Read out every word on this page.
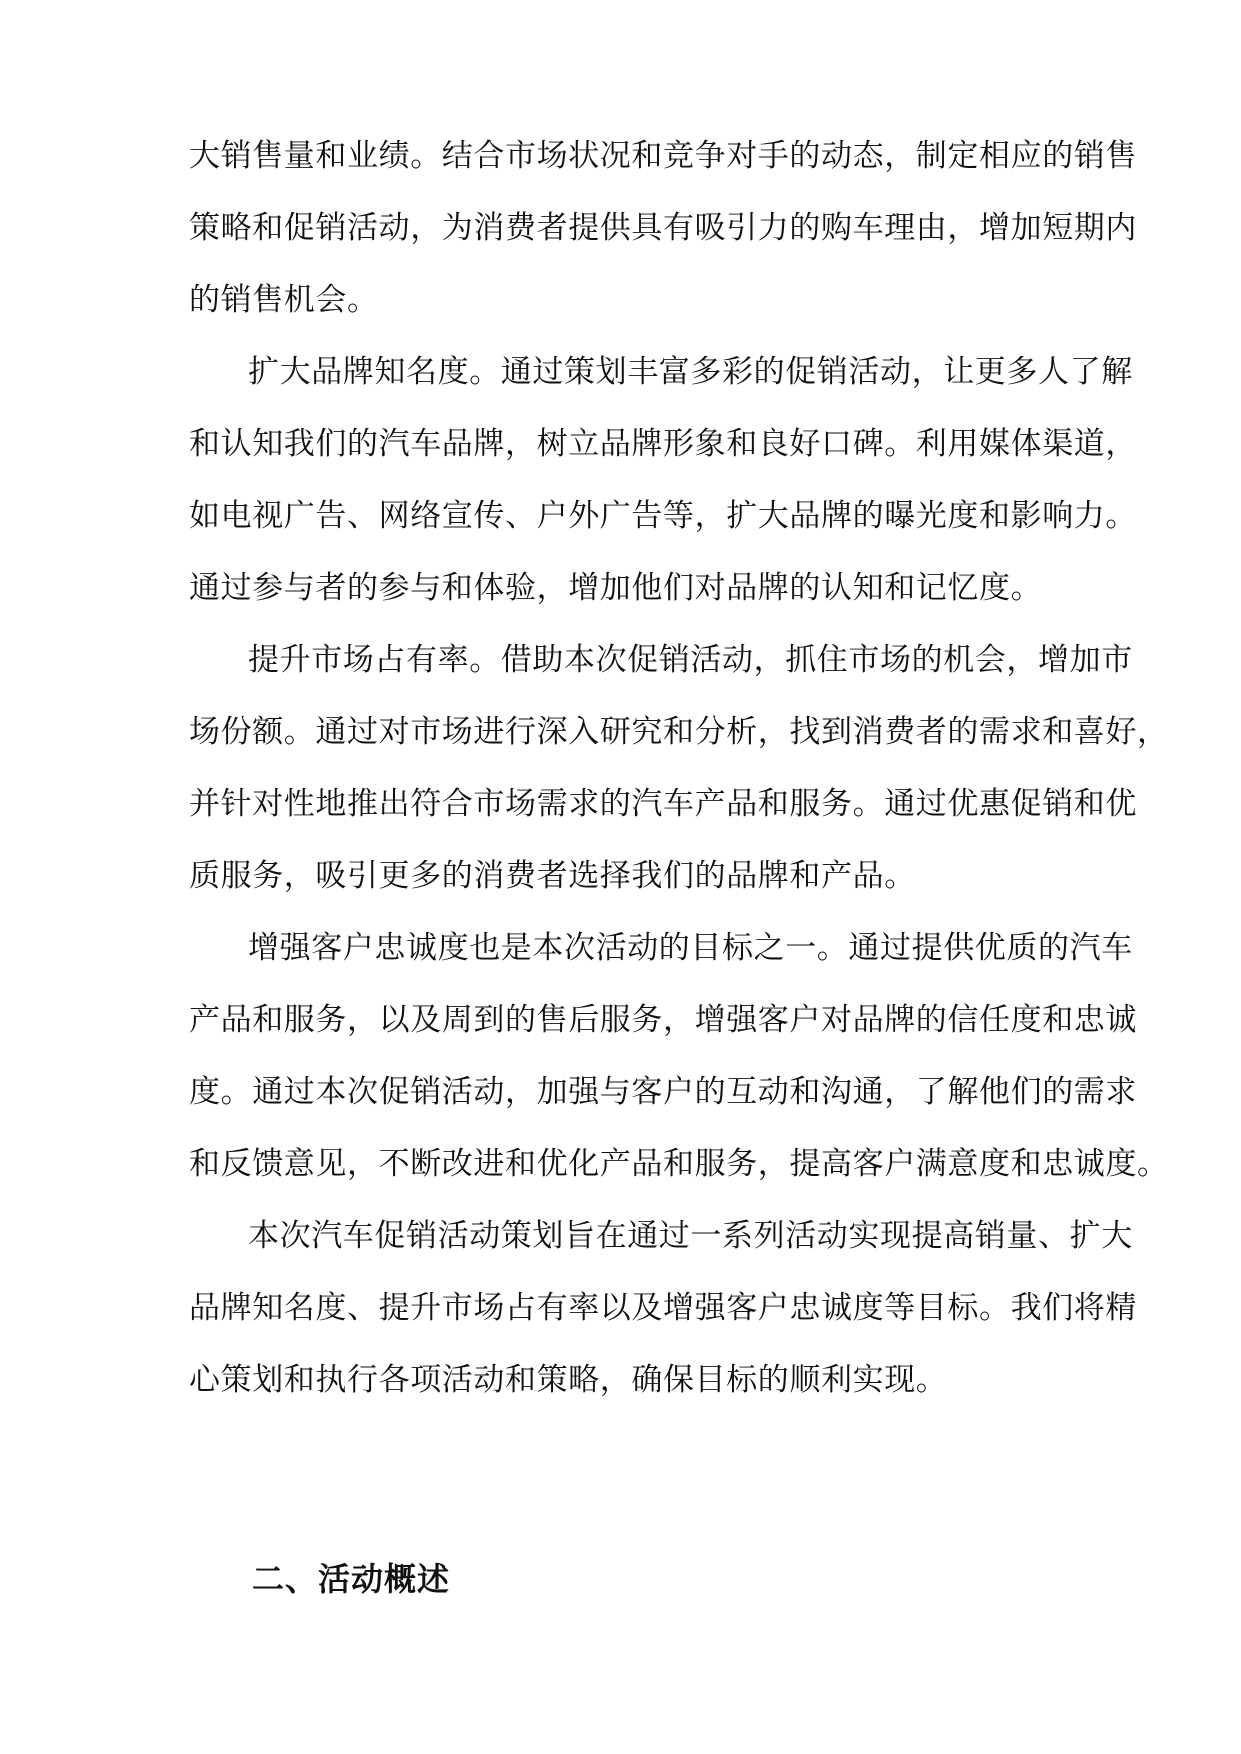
大销售量和业绩。结合市场状况和竞争对手的动态，制定相应的销售
策略和促销活动，为消费者提供具有吸引力的购车理由，增加短期内
的销售机会。
扩大品牌知名度。通过策划丰富多彩的促销活动，让更多人了解
和认知我们的汽车品牌，树立品牌形象和良好口碑。利用媒体渠道，
如电视广告、网络宣传、户外广告等，扩大品牌的曝光度和影响力。
通过参与者的参与和体验，增加他们对品牌的认知和记忆度。
提升市场占有率。借助本次促销活动，抓住市场的机会，增加市
场份额。通过对市场进行深入研究和分析，找到消费者的需求和喜好，
并针对性地推出符合市场需求的汽车产品和服务。通过优惠促销和优
质服务，吸引更多的消费者选择我们的品牌和产品。
增强客户忠诚度也是本次活动的目标之一。通过提供优质的汽车
产品和服务，以及周到的售后服务，增强客户对品牌的信任度和忠诚
度。通过本次促销活动，加强与客户的互动和沟通，了解他们的需求
和反馈意见，不断改进和优化产品和服务，提高客户满意度和忠诚度。
本次汽车促销活动策划旨在通过一系列活动实现提高销量、扩大
品牌知名度、提升市场占有率以及增强客户忠诚度等目标。我们将精
心策划和执行各项活动和策略，确保目标的顺利实现。
二、活动概述
